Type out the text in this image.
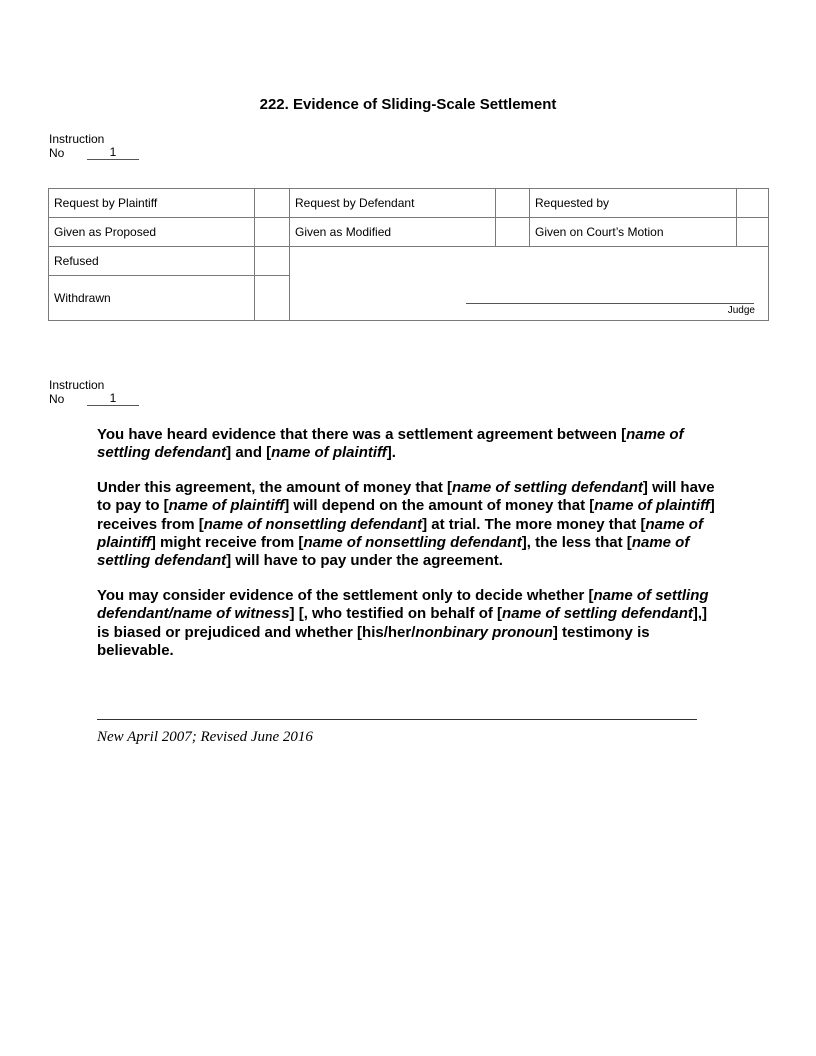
222. Evidence of Sliding-Scale Settlement
Instruction
No	1
Request by Plaintiff	Request by Defendant	Requested by
Given as Proposed	Given as Modified	Given on Court’s Motion
Refused
Withdrawn
Judge
Instruction
No	1

You have heard evidence that there was a settlement agreement between [name of settling defendant] and [name of plaintiff].

Under this agreement, the amount of money that [name of settling defendant] will have to pay to [name of plaintiff] will depend on the amount of money that [name of plaintiff] receives from [name of nonsettling defendant] at trial. The more money that [name of plaintiff] might receive from [name of nonsettling defendant], the less that [name of settling defendant] will have to pay under the agreement.

You may consider evidence of the settlement only to decide whether [name of settling defendant/name of witness] [, who testified on behalf of [name of settling defendant],] is biased or prejudiced and whether [his/her/nonbinary pronoun] testimony is believable.

New April 2007; Revised June 2016
